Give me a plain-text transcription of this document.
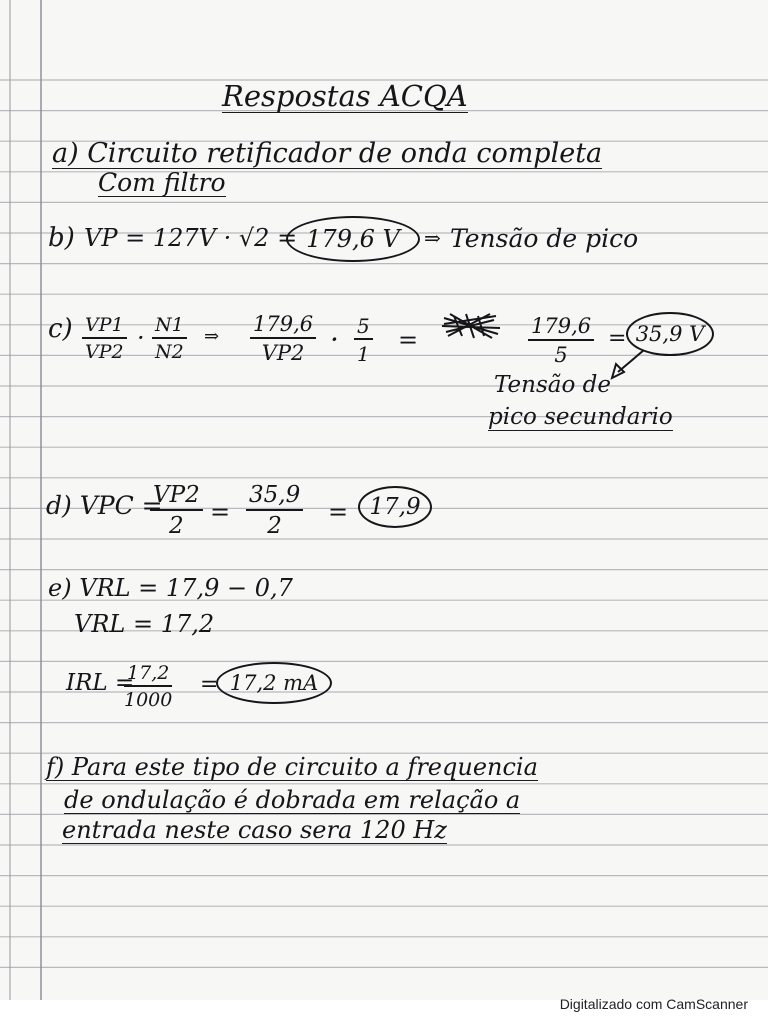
Respostas ACQA
a) Circuito retificador de onda completa
Com filtro
b) VP = 127V · √2 = 179,6 V	⇒ Tensão de pico
$c) \frac{VP1}{VP2} \cdot \frac{N1}{N2}$ ⇒ $\frac{179,6}{VP2} \cdot \frac{5}{1}$ =	$\frac{179,6}{5} = 35,9$ V
Tensão de
pico secundario
d) VPC =
$\frac{VP2}{2} = \frac{35,9}{2} = 17,9$
e) VRL = 17,9 − 0,7
VRL = 17,2
IRL =
$\frac{17,2}{1000} = 17,2$ mA
f) Para este tipo de circuito a frequencia
de ondulação é dobrada em relação a
entrada neste caso sera 120 Hz
Digitalizado com CamScanner
